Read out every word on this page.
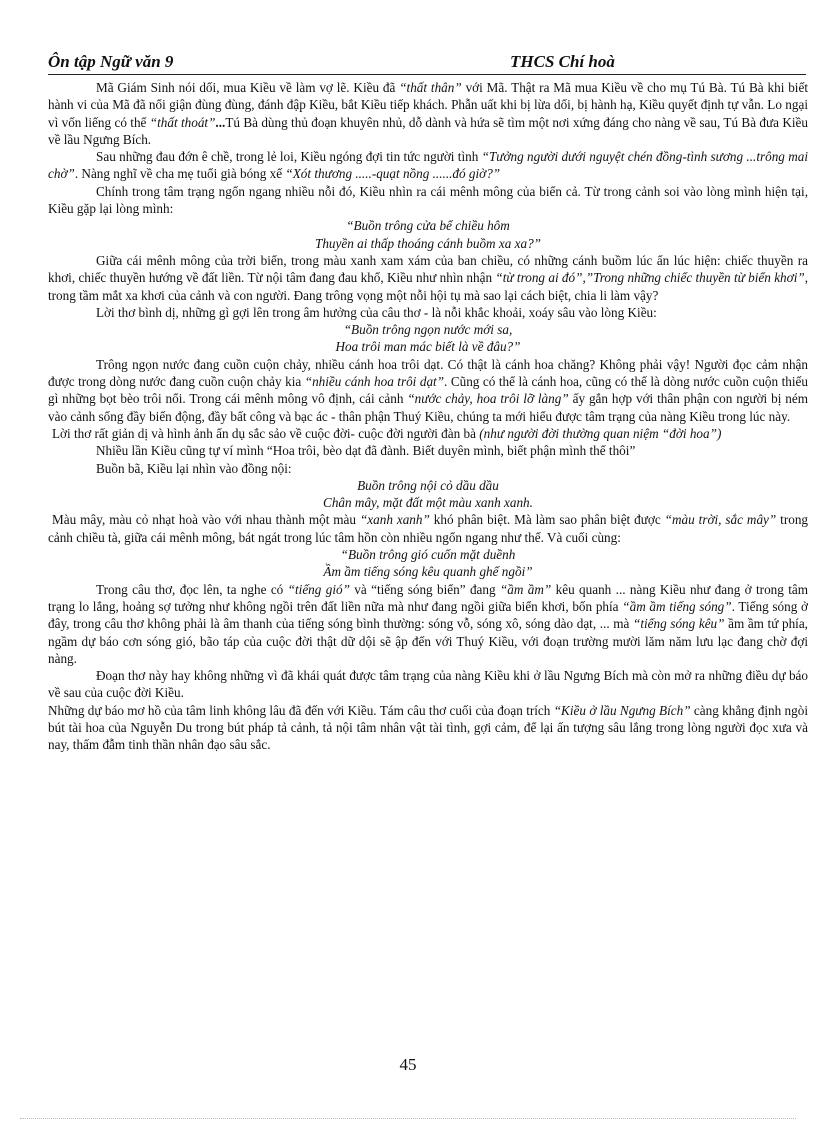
Ôn tập Ngữ văn 9	THCS Chí hoà

Mã Giám Sinh nói dối, mua Kiều về làm vợ lẽ. Kiều đã “thất thân” với Mã. Thật ra Mã mua Kiều về cho mụ Tú Bà. Tú Bà khi biết hành vi của Mã đã nổi giận đùng đùng, đánh đập Kiều, bắt Kiều tiếp khách. Phẫn uất khi bị lừa dối, bị hành hạ, Kiều quyết định tự vẫn. Lo ngại vì vốn liếng có thể “thất thoát”...Tú Bà dùng thủ đoạn khuyên nhủ, dỗ dành và hứa sẽ tìm một nơi xứng đáng cho nàng về sau, Tú Bà đưa Kiều về lầu Ngưng Bích.

Sau những đau đớn ê chề, trong lẻ loi, Kiều ngóng đợi tin tức người tình “Tưởng người dưới nguyệt chén đồng-tình sương ...trông mai chờ”. Nàng nghĩ về cha mẹ tuổi già bóng xế “Xót thương .....-quạt nồng ......đó giờ?”

Chính trong tâm trạng ngổn ngang nhiều nỗi đó, Kiều nhìn ra cái mênh mông của biển cả. Từ trong cảnh soi vào lòng mình hiện tại, Kiều gặp lại lòng mình:

“Buồn trông cửa bể chiều hôm

Thuyền ai thấp thoáng cánh buồm xa xa?”

Giữa cái mênh mông của trời biển, trong màu xanh xam xám của ban chiều, có những cánh buồm lúc ẩn lúc hiện: chiếc thuyền ra khơi, chiếc thuyền hướng về đất liền. Từ nội tâm đang đau khổ, Kiều như nhìn nhận “từ trong ai đó”,”Trong những chiếc thuyền từ biển khơi”, trong tầm mắt xa khơi của cảnh và con người. Đang trông vọng một nỗi hội tụ mà sao lại cách biệt, chia li làm vậy?

Lời thơ bình dị, những gì gợi lên trong âm hưởng của câu thơ - là nỗi khắc khoải, xoáy sâu vào lòng Kiều:

“Buồn trông ngọn nước mới sa,

Hoa trôi man mác biết là về đâu?”

Trông ngọn nước đang cuồn cuộn chảy, nhiều cánh hoa trôi dạt. Có thật là cánh hoa chăng? Không phải vậy! Người đọc cảm nhận được trong dòng nước đang cuồn cuộn chảy kia “nhiều cánh hoa trôi dạt”. Cũng có thể là cánh hoa, cũng có thể là dòng nước cuồn cuộn thiếu gì những bọt bèo trôi nổi. Trong cái mênh mông vô định, cái cảnh “nước chảy, hoa trôi lỡ làng” ấy gắn hợp với thân phận con người bị ném vào cảnh sống đầy biến động, đầy bất công và bạc ác - thân phận Thuý Kiều, chúng ta mới hiểu được tâm trạng của nàng Kiều trong lúc này.

Lời thơ rất giản dị và hình ảnh ẩn dụ sắc sảo về cuộc đời- cuộc đời người đàn bà (như người đời thường quan niệm “đời hoa”)

Nhiều lần Kiều cũng tự ví mình “Hoa trôi, bèo dạt đã đành. Biết duyên mình, biết phận mình thế thôi”

Buồn bã, Kiều lại nhìn vào đồng nội:

Buồn trông nội cỏ dầu dầu

Chân mây, mặt đất một màu xanh xanh.

Màu mây, màu cỏ nhạt hoà vào với nhau thành một màu “xanh xanh” khó phân biệt. Mà làm sao phân biệt được “màu trời, sắc mây” trong cảnh chiều tà, giữa cái mênh mông, bát ngát trong lúc tâm hồn còn nhiều ngổn ngang như thế. Và cuối cùng:

“Buồn trông gió cuốn mặt duềnh

Ầm ầm tiếng sóng kêu quanh ghế ngồi”

Trong câu thơ, đọc lên, ta nghe có “tiếng gió” và “tiếng sóng biển” đang “ầm ầm” kêu quanh ... nàng Kiều như đang ở trong tâm trạng lo lắng, hoảng sợ tưởng như không ngồi trên đất liền nữa mà như đang ngồi giữa biển khơi, bốn phía “ầm ầm tiếng sóng”. Tiếng sóng ở đây, trong câu thơ không phải là âm thanh của tiếng sóng bình thường: sóng vỗ, sóng xô, sóng dào dạt, ... mà “tiếng sóng kêu” ầm ầm tứ phía, ngầm dự báo cơn sóng gió, bão táp của cuộc đời thật dữ dội sẽ ập đến với Thuý Kiều, với đoạn trường mười lăm năm lưu lạc đang chờ đợi nàng.

Đoạn thơ này hay không những vì đã khái quát được tâm trạng của nàng Kiều khi ở lầu Ngưng Bích mà còn mở ra những điều dự báo về sau của cuộc đời Kiều.

Những dự báo mơ hồ của tâm linh không lâu đã đến với Kiều. Tám câu thơ cuối của đoạn trích “Kiều ở lầu Ngưng Bích” càng khẳng định ngòi bút tài hoa của Nguyễn Du trong bút pháp tả cảnh, tả nội tâm nhân vật tài tình, gợi cảm, để lại ấn tượng sâu lắng trong lòng người đọc xưa và nay, thấm đẫm tinh thần nhân đạo sâu sắc.

45
